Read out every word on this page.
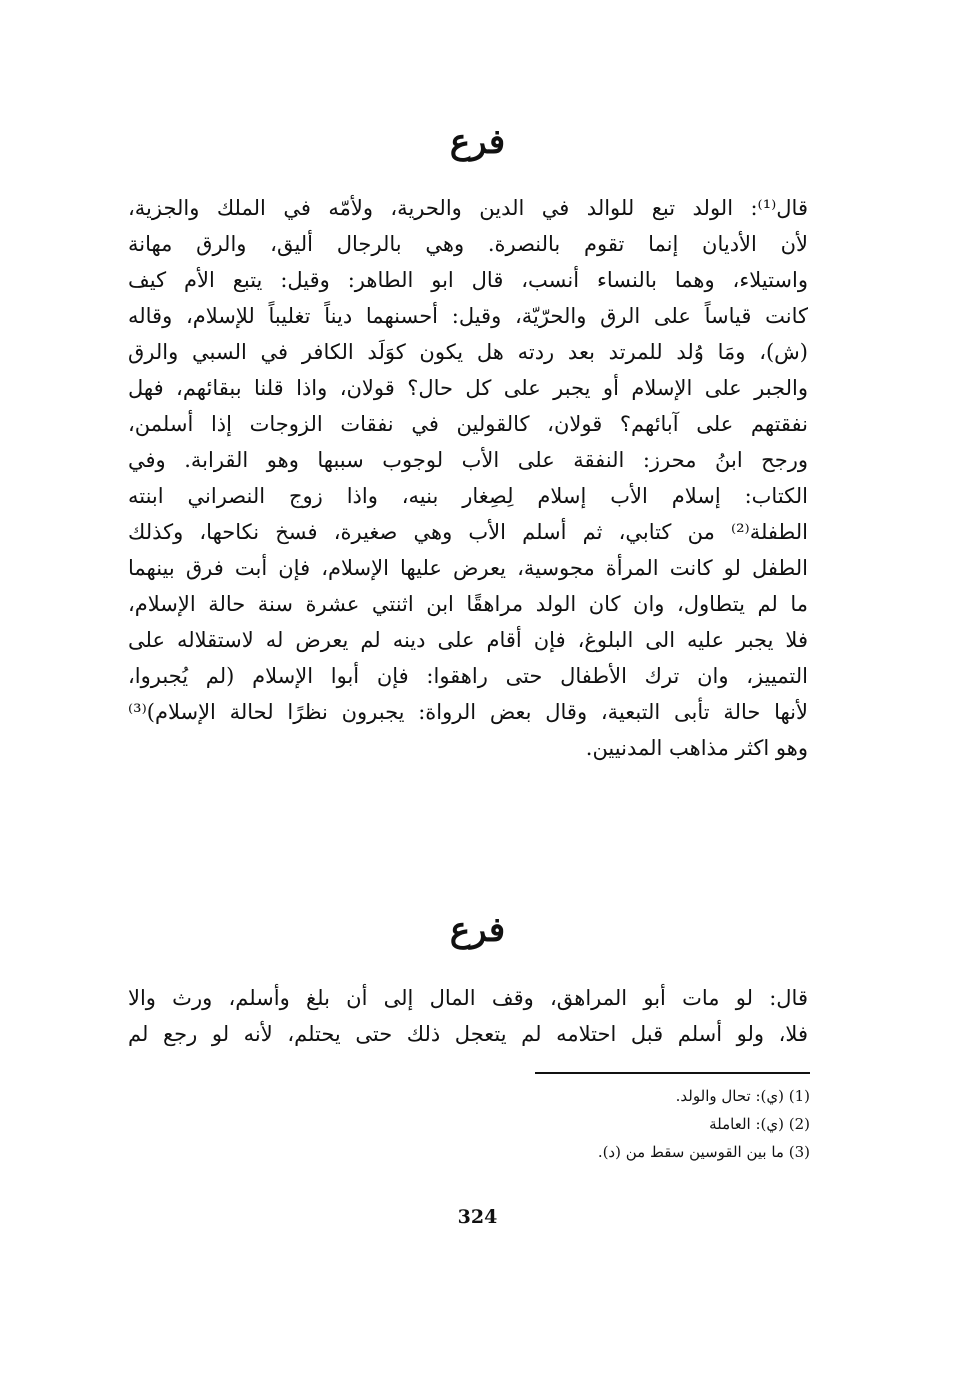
فرع
قال⁽¹⁾: الولد تبع للوالد في الدين والحرية، ولأمّه في الملك والجزية،
لأن الأديان إنما تقوم بالنصرة. وهي بالرجال أليق، والرق مهانة
واستيلاء، وهما بالنساء أنسب، قال ابو الطاهر: وقيل: يتبع الأم كيف
كانت قياساً على الرق والحرّيّة، وقيل: أحسنهما ديناً تغليباً للإسلام، وقاله
(ش)، ومَا وُلد للمرتد بعد ردته هل يكون كوَلَد الكافر في السبي والرق
والجبر على الإسلام أو يجبر على كل حال؟ قولان، واذا قلنا ببقائهم، فهل
نفقتهم على آبائهم؟ قولان، كالقولين في نفقات الزوجات إذا أسلمن،
ورجح ابنُ محرز: النفقة على الأب لوجوب سببها وهو القرابة. وفي
الكتاب: إسلام الأب إسلام لِصِغار بنيه، واذا زوج النصراني ابنته
الطفلة⁽²⁾ من كتابي، ثم أسلم الأب وهي صغيرة، فسخ نكاحها، وكذلك
الطفل لو كانت المرأة مجوسية، يعرض عليها الإسلام، فإن أبت فرق بينهما
ما لم يتطاول، وان كان الولد مراهقًا ابن اثنتي عشرة سنة حالة الإسلام،
فلا يجبر عليه الى البلوغ، فإن أقام على دينه لم يعرض له لاستقلاله على
التمييز، وان ترك الأطفال حتى راهقوا: فإن أبوا الإسلام (لم يُجبروا،
لأنها حالة تأبى التبعية، وقال بعض الرواة: يجبرون نظرًا لحالة الإسلام)⁽³⁾
وهو اكثر مذاهب المدنيين.
فرع
قال: لو مات أبو المراهق، وقف المال إلى أن بلغ وأسلم، ورث والا
فلا، ولو أسلم قبل احتلامه لم يتعجل ذلك حتى يحتلم، لأنه لو رجع لم
(1) (ي): تحال والولد.
(2) (ي): العاملة
(3) ما بين القوسين سقط من (د).
324
